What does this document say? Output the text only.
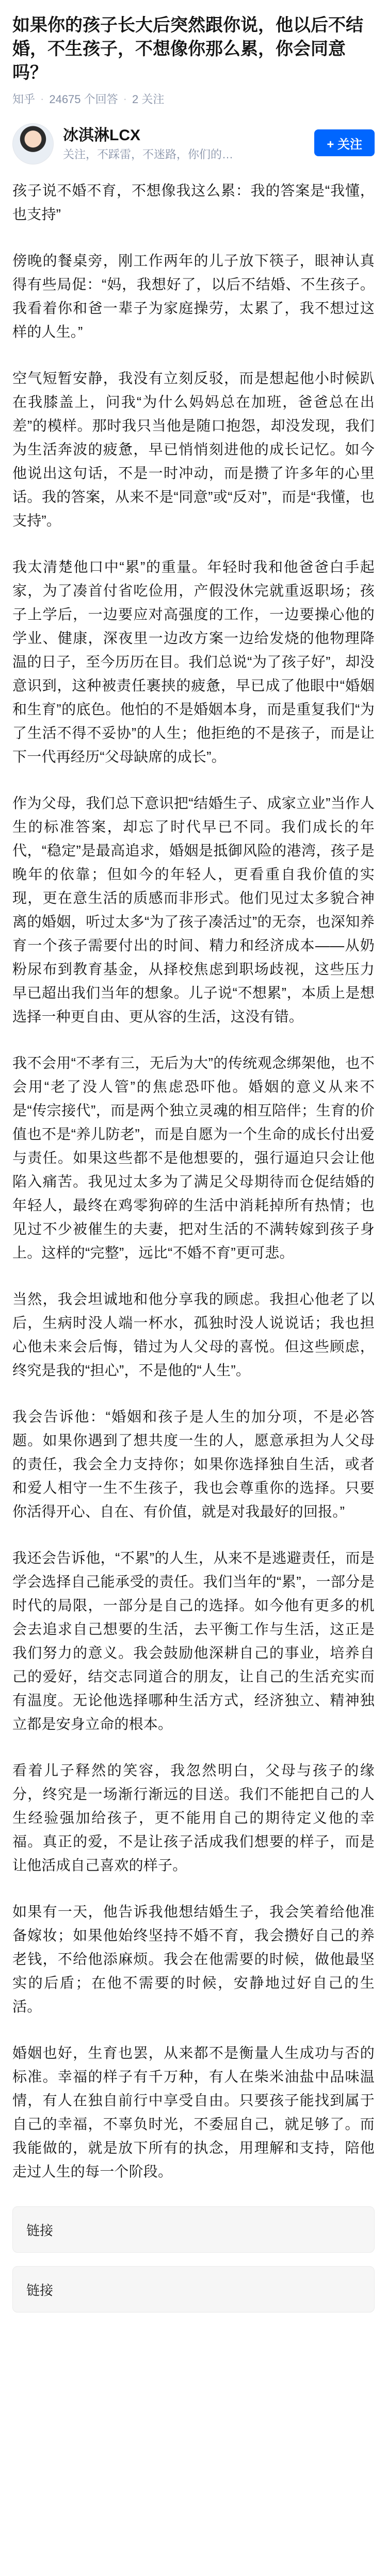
如果你的孩子长大后突然跟你说，他以后不结婚，不生孩子，不想像你那么累，你会同意吗？
知乎 · 24675 个回答 · 2 关注
冰淇淋LCX
关注，不踩雷，不迷路，你们的…
+ 关注

孩子说不婚不育，不想像我这么累：我的答案是“我懂，也支持”

傍晚的餐桌旁，刚工作两年的儿子放下筷子，眼神认真得有些局促：“妈，我想好了，以后不结婚、不生孩子。我看着你和爸一辈子为家庭操劳，太累了，我不想过这样的人生。”

空气短暂安静，我没有立刻反驳，而是想起他小时候趴在我膝盖上，问我“为什么妈妈总在加班，爸爸总在出差”的模样。那时我只当他是随口抱怨，却没发现，我们为生活奔波的疲惫，早已悄悄刻进他的成长记忆。如今他说出这句话，不是一时冲动，而是攒了许多年的心里话。我的答案，从来不是“同意”或“反对”，而是“我懂，也支持”。

我太清楚他口中“累”的重量。年轻时我和他爸爸白手起家，为了凑首付省吃俭用，产假没休完就重返职场；孩子上学后，一边要应对高强度的工作，一边要操心他的学业、健康，深夜里一边改方案一边给发烧的他物理降温的日子，至今历历在目。我们总说“为了孩子好”，却没意识到，这种被责任裹挟的疲惫，早已成了他眼中“婚姻和生育”的底色。他怕的不是婚姻本身，而是重复我们“为了生活不得不妥协”的人生；他拒绝的不是孩子，而是让下一代再经历“父母缺席的成长”。

作为父母，我们总下意识把“结婚生子、成家立业”当作人生的标准答案，却忘了时代早已不同。我们成长的年代，“稳定”是最高追求，婚姻是抵御风险的港湾，孩子是晚年的依靠；但如今的年轻人，更看重自我价值的实现，更在意生活的质感而非形式。他们见过太多貌合神离的婚姻，听过太多“为了孩子凑活过”的无奈，也深知养育一个孩子需要付出的时间、精力和经济成本——从奶粉尿布到教育基金，从择校焦虑到职场歧视，这些压力早已超出我们当年的想象。儿子说“不想累”，本质上是想选择一种更自由、更从容的生活，这没有错。

我不会用“不孝有三，无后为大”的传统观念绑架他，也不会用“老了没人管”的焦虑恐吓他。婚姻的意义从来不是“传宗接代”，而是两个独立灵魂的相互陪伴；生育的价值也不是“养儿防老”，而是自愿为一个生命的成长付出爱与责任。如果这些都不是他想要的，强行逼迫只会让他陷入痛苦。我见过太多为了满足父母期待而仓促结婚的年轻人，最终在鸡零狗碎的生活中消耗掉所有热情；也见过不少被催生的夫妻，把对生活的不满转嫁到孩子身上。这样的“完整”，远比“不婚不育”更可悲。

当然，我会坦诚地和他分享我的顾虑。我担心他老了以后，生病时没人端一杯水，孤独时没人说说话；我也担心他未来会后悔，错过为人父母的喜悦。但这些顾虑，终究是我的“担心”，不是他的“人生”。

我会告诉他：“婚姻和孩子是人生的加分项，不是必答题。如果你遇到了想共度一生的人，愿意承担为人父母的责任，我会全力支持你；如果你选择独自生活，或者和爱人相守一生不生孩子，我也会尊重你的选择。只要你活得开心、自在、有价值，就是对我最好的回报。”

我还会告诉他，“不累”的人生，从来不是逃避责任，而是学会选择自己能承受的责任。我们当年的“累”，一部分是时代的局限，一部分是自己的选择。如今他有更多的机会去追求自己想要的生活，去平衡工作与生活，这正是我们努力的意义。我会鼓励他深耕自己的事业，培养自己的爱好，结交志同道合的朋友，让自己的生活充实而有温度。无论他选择哪种生活方式，经济独立、精神独立都是安身立命的根本。

看着儿子释然的笑容，我忽然明白，父母与孩子的缘分，终究是一场渐行渐远的目送。我们不能把自己的人生经验强加给孩子，更不能用自己的期待定义他的幸福。真正的爱，不是让孩子活成我们想要的样子，而是让他活成自己喜欢的样子。

如果有一天，他告诉我他想结婚生子，我会笑着给他准备嫁妆；如果他始终坚持不婚不育，我会攒好自己的养老钱，不给他添麻烦。我会在他需要的时候，做他最坚实的后盾；在他不需要的时候，安静地过好自己的生活。

婚姻也好，生育也罢，从来都不是衡量人生成功与否的标准。幸福的样子有千万种，有人在柴米油盐中品味温情，有人在独自前行中享受自由。只要孩子能找到属于自己的幸福，不辜负时光，不委屈自己，就足够了。而我能做的，就是放下所有的执念，用理解和支持，陪他走过人生的每一个阶段。

链接
链接
